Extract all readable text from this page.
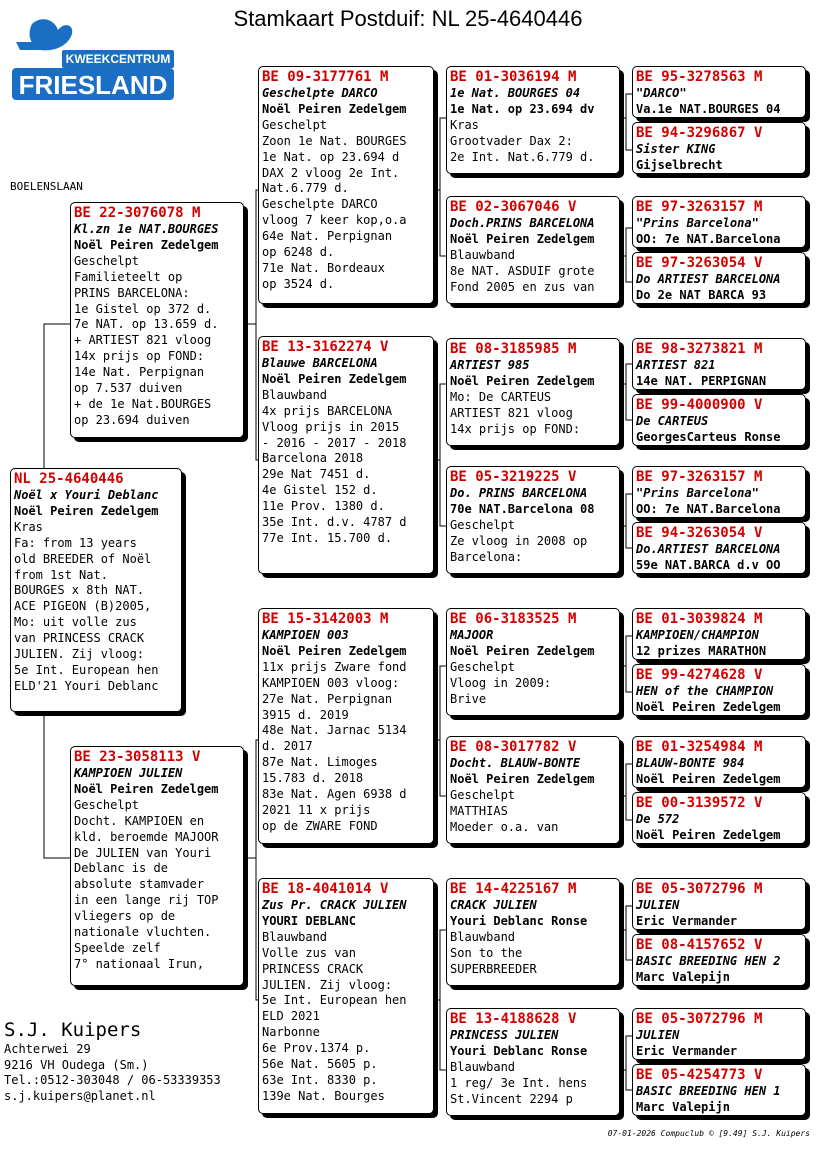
Stamkaart Postduif: NL 25-4640446
KWEEKCENTRUM
FRIESLAND
BOELENSLAAN
NL 25-4640446
Noël x Youri Deblanc
Noël Peiren Zedelgem
Kras
Fa: from 13 years
old BREEDER of Noël
from 1st Nat.
BOURGES x 8th NAT.
ACE PIGEON (B)2005,
Mo: uit volle zus
van PRINCESS CRACK
JULIEN. Zij vloog:
5e Int. European hen
ELD'21 Youri Deblanc
BE 22-3076078 M
Kl.zn 1e NAT.BOURGES
Noël Peiren Zedelgem
Geschelpt
Familieteelt op
PRINS BARCELONA:
1e Gistel op 372 d.
7e NAT. op 13.659 d.
+ ARTIEST 821 vloog
14x prijs op FOND:
14e Nat. Perpignan
op 7.537 duiven
+ de 1e Nat.BOURGES
op 23.694 duiven
BE 23-3058113 V
KAMPIOEN JULIEN
Noël Peiren Zedelgem
Geschelpt
Docht. KAMPIOEN en
kld. beroemde MAJOOR
De JULIEN van Youri
Deblanc is de
absolute stamvader
in een lange rij TOP
vliegers op de
nationale vluchten.
Speelde zelf
7° nationaal Irun,
BE 09-3177761 M
Geschelpte DARCO
Noël Peiren Zedelgem
Geschelpt
Zoon 1e Nat. BOURGES
1e Nat. op 23.694 d
DAX 2 vloog 2e Int.
Nat.6.779 d.
Geschelpte DARCO
vloog 7 keer kop,o.a
64e Nat. Perpignan
op 6248 d.
71e Nat. Bordeaux
op 3524 d.
BE 13-3162274 V
Blauwe BARCELONA
Noël Peiren Zedelgem
Blauwband
4x prijs BARCELONA
Vloog prijs in 2015
- 2016 - 2017 - 2018
Barcelona 2018
29e Nat 7451 d.
4e Gistel 152 d.
11e Prov. 1380 d.
35e Int. d.v. 4787 d
77e Int. 15.700 d.
BE 15-3142003 M
KAMPIOEN 003
Noël Peiren Zedelgem
11x prijs Zware fond
KAMPIOEN 003 vloog:
27e Nat. Perpignan
3915 d. 2019
48e Nat. Jarnac 5134
d. 2017
87e Nat. Limoges
15.783 d. 2018
83e Nat. Agen 6938 d
2021 11 x prijs
op de ZWARE FOND
BE 18-4041014 V
Zus Pr. CRACK JULIEN
YOURI DEBLANC
Blauwband
Volle zus van
PRINCESS CRACK
JULIEN. Zij vloog:
5e Int. European hen
ELD 2021
Narbonne
6e Prov.1374 p.
56e Nat. 5605 p.
63e Int. 8330 p.
139e Nat. Bourges
BE 01-3036194 M
1e Nat. BOURGES 04
1e Nat. op 23.694 dv
Kras
Grootvader Dax 2:
2e Int. Nat.6.779 d.
BE 02-3067046 V
Doch.PRINS BARCELONA
Noël Peiren Zedelgem
Blauwband
8e NAT. ASDUIF grote
Fond 2005 en zus van
BE 08-3185985 M
ARTIEST 985
Noël Peiren Zedelgem
Mo: De CARTEUS
ARTIEST 821 vloog
14x prijs op FOND:
BE 05-3219225 V
Do. PRINS BARCELONA
70e NAT.Barcelona 08
Geschelpt
Ze vloog in 2008 op
Barcelona:
BE 06-3183525 M
MAJOOR
Noël Peiren Zedelgem
Geschelpt
Vloog in 2009:
Brive
BE 08-3017782 V
Docht. BLAUW-BONTE
Noël Peiren Zedelgem
Geschelpt
MATTHIAS
Moeder o.a. van
BE 14-4225167 M
CRACK JULIEN
Youri Deblanc Ronse
Blauwband
Son to the
SUPERBREEDER
BE 13-4188628 V
PRINCESS JULIEN
Youri Deblanc Ronse
Blauwband
1 reg/ 3e Int. hens
St.Vincent 2294 p
BE 95-3278563 M
"DARCO"
Va.1e NAT.BOURGES 04
BE 94-3296867 V
Sister KING
Gijselbrecht
BE 97-3263157 M
"Prins Barcelona"
OO: 7e NAT.Barcelona
BE 97-3263054 V
Do ARTIEST BARCELONA
Do 2e NAT BARCA 93
BE 98-3273821 M
ARTIEST 821
14e NAT. PERPIGNAN
BE 99-4000900 V
De CARTEUS
GeorgesCarteus Ronse
BE 97-3263157 M
"Prins Barcelona"
OO: 7e NAT.Barcelona
BE 94-3263054 V
Do.ARTIEST BARCELONA
59e NAT.BARCA d.v OO
BE 01-3039824 M
KAMPIOEN/CHAMPION
12 prizes MARATHON
BE 99-4274628 V
HEN of the CHAMPION
Noël Peiren Zedelgem
BE 01-3254984 M
BLAUW-BONTE 984
Noël Peiren Zedelgem
BE 00-3139572 V
De 572
Noël Peiren Zedelgem
BE 05-3072796 M
JULIEN
Eric Vermander
BE 08-4157652 V
BASIC BREEDING HEN 2
Marc Valepijn
BE 05-3072796 M
JULIEN
Eric Vermander
BE 05-4254773 V
BASIC BREEDING HEN 1
Marc Valepijn
S.J. Kuipers
Achterwei 29
9216 VH Oudega (Sm.)
Tel.:0512-303048 / 06-53339353
s.j.kuipers@planet.nl
07-01-2026 Compuclub © [9.49] S.J. Kuipers
